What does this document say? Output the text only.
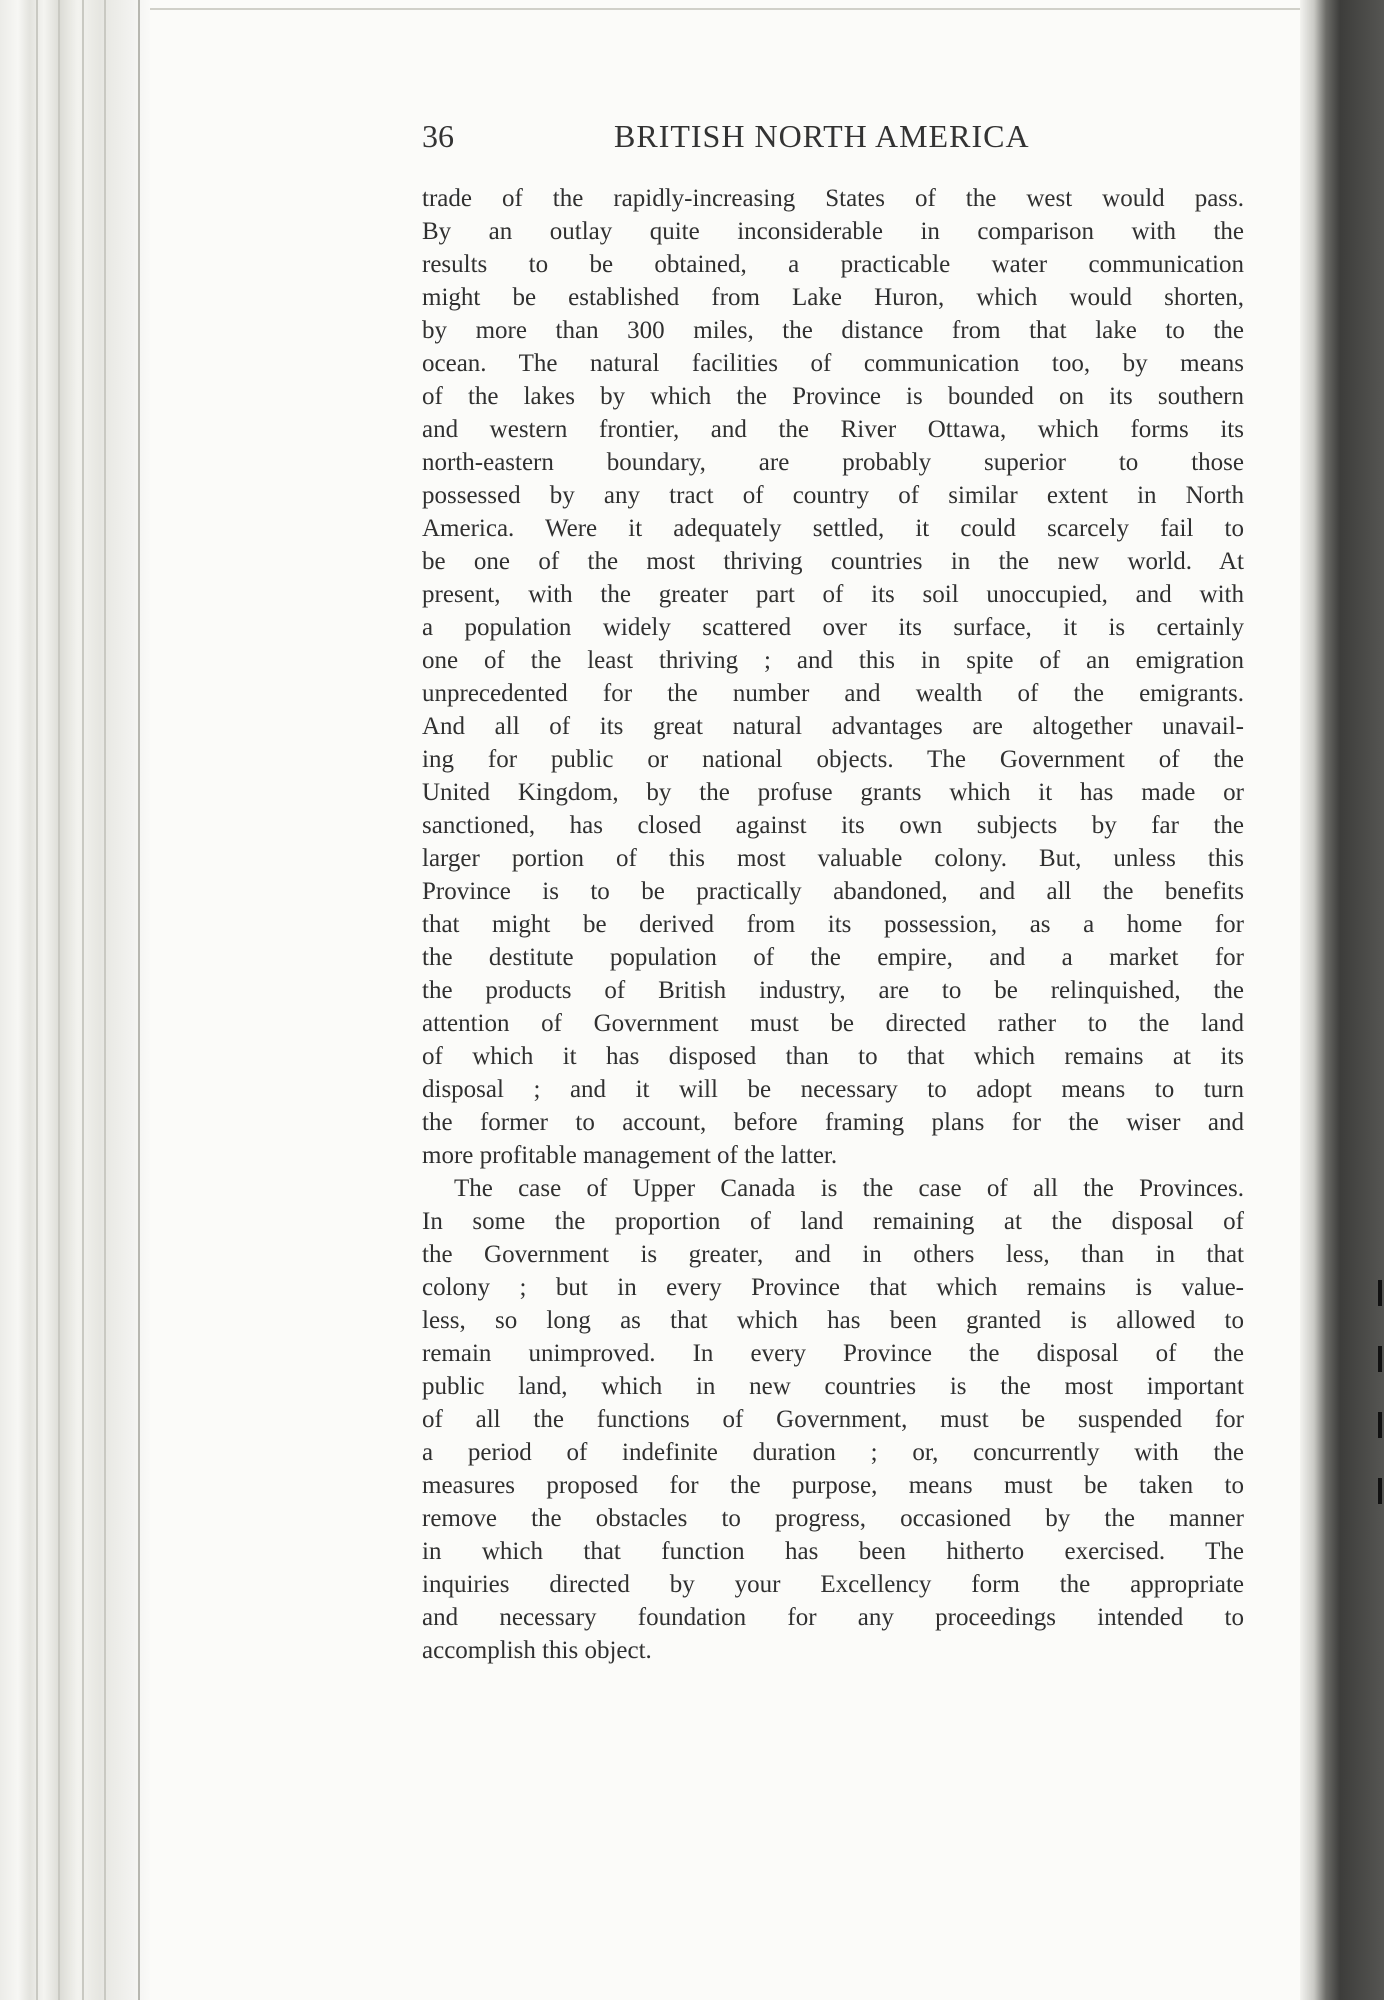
36	BRITISH NORTH AMERICA
trade of the rapidly-increasing States of the west would pass.
By an outlay quite inconsiderable in comparison with the
results to be obtained, a practicable water communication
might be established from Lake Huron, which would shorten,
by more than 300 miles, the distance from that lake to the
ocean. The natural facilities of communication too, by means
of the lakes by which the Province is bounded on its southern
and western frontier, and the River Ottawa, which forms its
north-eastern boundary, are probably superior to those
possessed by any tract of country of similar extent in North
America. Were it adequately settled, it could scarcely fail to
be one of the most thriving countries in the new world. At
present, with the greater part of its soil unoccupied, and with
a population widely scattered over its surface, it is certainly
one of the least thriving ; and this in spite of an emigration
unprecedented for the number and wealth of the emigrants.
And all of its great natural advantages are altogether unavail-
ing for public or national objects. The Government of the
United Kingdom, by the profuse grants which it has made or
sanctioned, has closed against its own subjects by far the
larger portion of this most valuable colony. But, unless this
Province is to be practically abandoned, and all the benefits
that might be derived from its possession, as a home for
the destitute population of the empire, and a market for
the products of British industry, are to be relinquished, the
attention of Government must be directed rather to the land
of which it has disposed than to that which remains at its
disposal ; and it will be necessary to adopt means to turn
the former to account, before framing plans for the wiser and
more profitable management of the latter.
The case of Upper Canada is the case of all the Provinces.
In some the proportion of land remaining at the disposal of
the Government is greater, and in others less, than in that
colony ; but in every Province that which remains is value-
less, so long as that which has been granted is allowed to
remain unimproved. In every Province the disposal of the
public land, which in new countries is the most important
of all the functions of Government, must be suspended for
a period of indefinite duration ; or, concurrently with the
measures proposed for the purpose, means must be taken to
remove the obstacles to progress, occasioned by the manner
in which that function has been hitherto exercised. The
inquiries directed by your Excellency form the appropriate
and necessary foundation for any proceedings intended to
accomplish this object.
